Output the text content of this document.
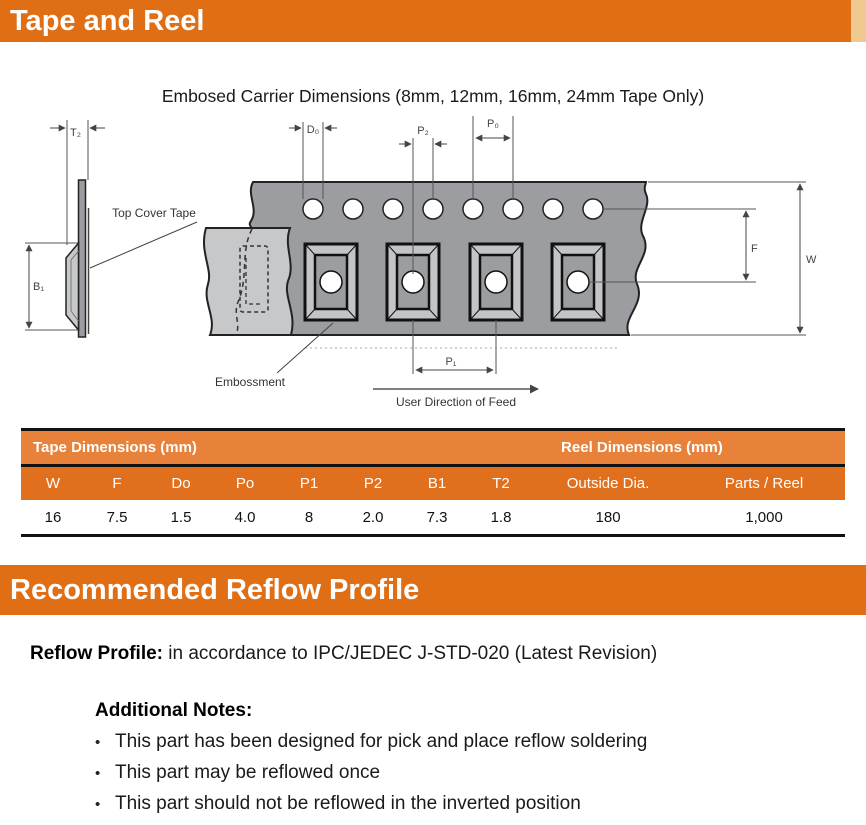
Tape and Reel
Embosed Carrier Dimensions (8mm, 12mm, 16mm, 24mm Tape Only)
T₂
B₁
Top Cover Tape
D₀	P₂
P₀
F
W
P₁
User Direction of Feed
Embossment
Tape Dimensions (mm)								Reel Dimensions (mm)	
W	F	Do	Po	P1	P2	B1	T2	Outside Dia.	Parts / Reel
16	7.5	1.5	4.0	8	2.0	7.3	1.8	180	1,000
Recommended Reflow Profile
Reflow Profile: in accordance to IPC/JEDEC J-STD-020 (Latest Revision)
Additional Notes:
• This part has been designed for pick and place reflow soldering
• This part may be reflowed once
• This part should not be reflowed in the inverted position
